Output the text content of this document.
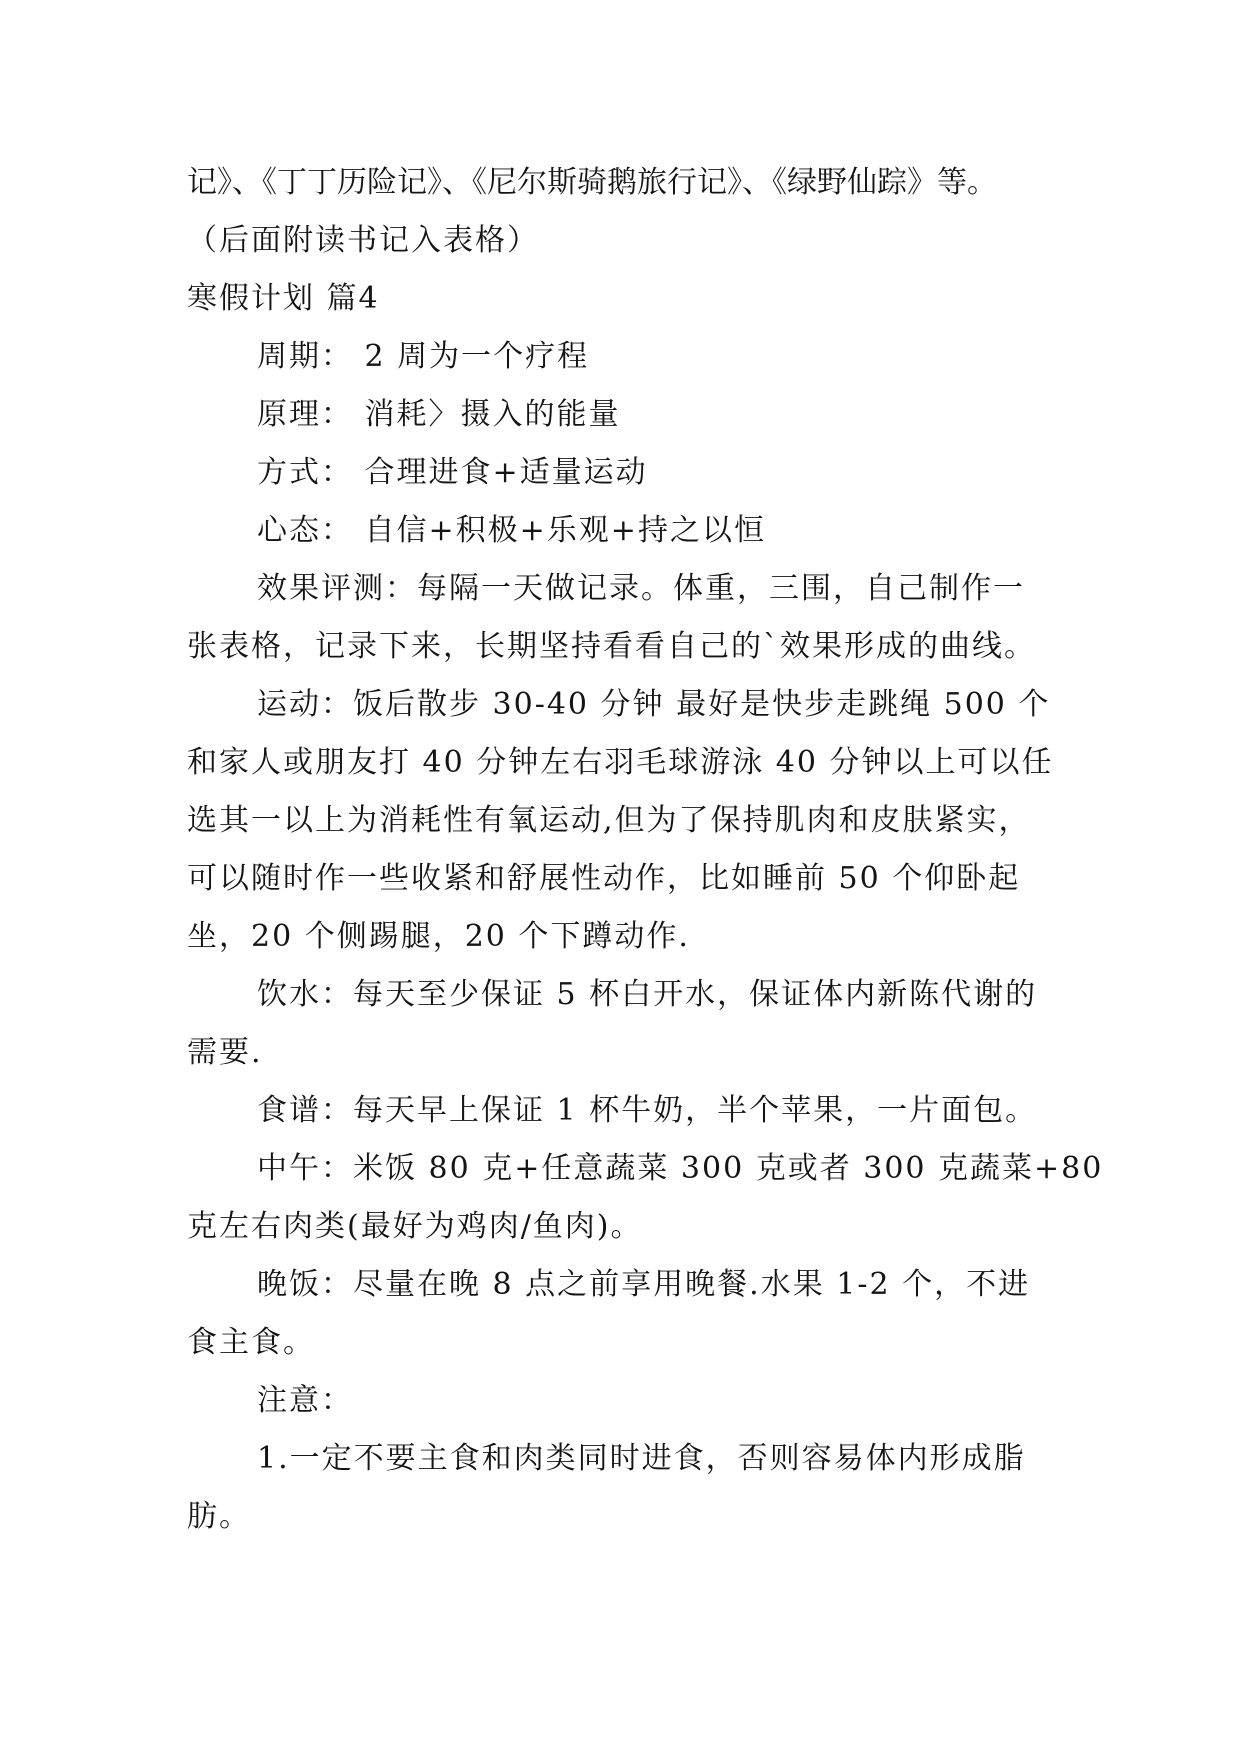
记》、《丁丁历险记》、《尼尔斯骑鹅旅行记》、《绿野仙踪》等。
（后面附读书记入表格）
寒假计划 篇4
周期： 2 周为一个疗程
原理： 消耗〉摄入的能量
方式： 合理进食+适量运动
心态： 自信+积极+乐观+持之以恒
效果评测：每隔一天做记录。体重，三围，自己制作一
张表格，记录下来，长期坚持看看自己的`效果形成的曲线。
运动：饭后散步 30-40 分钟 最好是快步走跳绳 500 个
和家人或朋友打 40 分钟左右羽毛球游泳 40 分钟以上可以任
选其一以上为消耗性有氧运动,但为了保持肌肉和皮肤紧实，
可以随时作一些收紧和舒展性动作，比如睡前 50 个仰卧起
坐，20 个侧踢腿，20 个下蹲动作.
饮水：每天至少保证 5 杯白开水，保证体内新陈代谢的
需要.
食谱：每天早上保证 1 杯牛奶，半个苹果，一片面包。
中午：米饭 80 克+任意蔬菜 300 克或者 300 克蔬菜+80
克左右肉类(最好为鸡肉/鱼肉)。
晚饭：尽量在晚 8 点之前享用晚餐.水果 1-2 个，不进
食主食。
注意：
1.一定不要主食和肉类同时进食，否则容易体内形成脂
肪。
